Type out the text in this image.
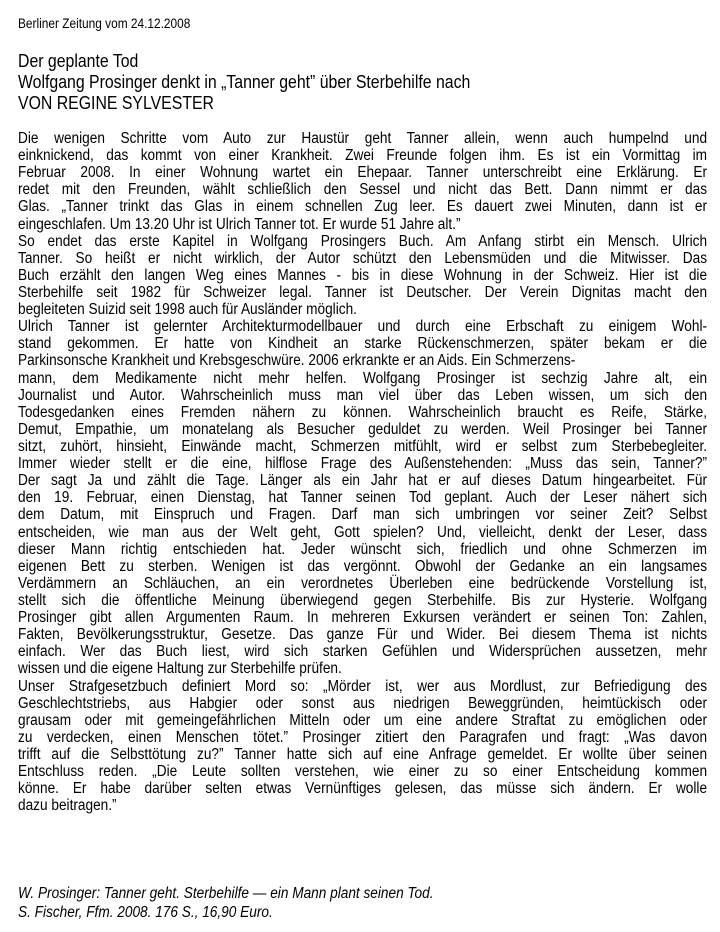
Berliner Zeitung vom 24.12.2008
Der geplante Tod
Wolfgang Prosinger denkt in „Tanner geht” über Sterbehilfe nach
VON REGINE SYLVESTER
Die wenigen Schritte vom Auto zur Haustür geht Tanner allein, wenn auch humpelnd und
einknickend, das kommt von einer Krankheit. Zwei Freunde folgen ihm. Es ist ein Vormittag im
Februar 2008. In einer Wohnung wartet ein Ehepaar. Tanner unterschreibt eine Erklärung. Er
redet mit den Freunden, wählt schließlich den Sessel und nicht das Bett. Dann nimmt er das
Glas. „Tanner trinkt das Glas in einem schnellen Zug leer. Es dauert zwei Minuten, dann ist er
eingeschlafen. Um 13.20 Uhr ist Ulrich Tanner tot. Er wurde 51 Jahre alt.”
So endet das erste Kapitel in Wolfgang Prosingers Buch. Am Anfang stirbt ein Mensch. Ulrich
Tanner. So heißt er nicht wirklich, der Autor schützt den Lebensmüden und die Mitwisser. Das
Buch erzählt den langen Weg eines Mannes - bis in diese Wohnung in der Schweiz. Hier ist die
Sterbehilfe seit 1982 für Schweizer legal. Tanner ist Deutscher. Der Verein Dignitas macht den
begleiteten Suizid seit 1998 auch für Ausländer möglich.
Ulrich Tanner ist gelernter Architekturmodellbauer und durch eine Erbschaft zu einigem Wohl-
stand gekommen. Er hatte von Kindheit an starke Rückenschmerzen, später bekam er die
Parkinsonsche Krankheit und Krebsgeschwüre. 2006 erkrankte er an Aids. Ein Schmerzens-
mann, dem Medikamente nicht mehr helfen. Wolfgang Prosinger ist sechzig Jahre alt, ein
Journalist und Autor. Wahrscheinlich muss man viel über das Leben wissen, um sich den
Todesgedanken eines Fremden nähern zu können. Wahrscheinlich braucht es Reife, Stärke,
Demut, Empathie, um monatelang als Besucher geduldet zu werden. Weil Prosinger bei Tanner
sitzt, zuhört, hinsieht, Einwände macht, Schmerzen mitfühlt, wird er selbst zum Sterbebegleiter.
Immer wieder stellt er die eine, hilflose Frage des Außenstehenden: „Muss das sein, Tanner?”
Der sagt Ja und zählt die Tage. Länger als ein Jahr hat er auf dieses Datum hingearbeitet. Für
den 19. Februar, einen Dienstag, hat Tanner seinen Tod geplant. Auch der Leser nähert sich
dem Datum, mit Einspruch und Fragen. Darf man sich umbringen vor seiner Zeit? Selbst
entscheiden, wie man aus der Welt geht, Gott spielen? Und, vielleicht, denkt der Leser, dass
dieser Mann richtig entschieden hat. Jeder wünscht sich, friedlich und ohne Schmerzen im
eigenen Bett zu sterben. Wenigen ist das vergönnt. Obwohl der Gedanke an ein langsames
Verdämmern an Schläuchen, an ein verordnetes Überleben eine bedrückende Vorstellung ist,
stellt sich die öffentliche Meinung überwiegend gegen Sterbehilfe. Bis zur Hysterie. Wolfgang
Prosinger gibt allen Argumenten Raum. In mehreren Exkursen verändert er seinen Ton: Zahlen,
Fakten, Bevölkerungsstruktur, Gesetze. Das ganze Für und Wider. Bei diesem Thema ist nichts
einfach. Wer das Buch liest, wird sich starken Gefühlen und Widersprüchen aussetzen, mehr
wissen und die eigene Haltung zur Sterbehilfe prüfen.
Unser Strafgesetzbuch definiert Mord so: „Mörder ist, wer aus Mordlust, zur Befriedigung des
Geschlechtstriebs, aus Habgier oder sonst aus niedrigen Beweggründen, heimtückisch oder
grausam oder mit gemeingefährlichen Mitteln oder um eine andere Straftat zu emöglichen oder
zu verdecken, einen Menschen tötet.” Prosinger zitiert den Paragrafen und fragt: „Was davon
trifft auf die Selbsttötung zu?” Tanner hatte sich auf eine Anfrage gemeldet. Er wollte über seinen
Entschluss reden. „Die Leute sollten verstehen, wie einer zu so einer Entscheidung kommen
könne. Er habe darüber selten etwas Vernünftiges gelesen, das müsse sich ändern. Er wolle
dazu beitragen.”
W. Prosinger: Tanner geht. Sterbehilfe — ein Mann plant seinen Tod.
S. Fischer, Ffm. 2008. 176 S., 16,90 Euro.
